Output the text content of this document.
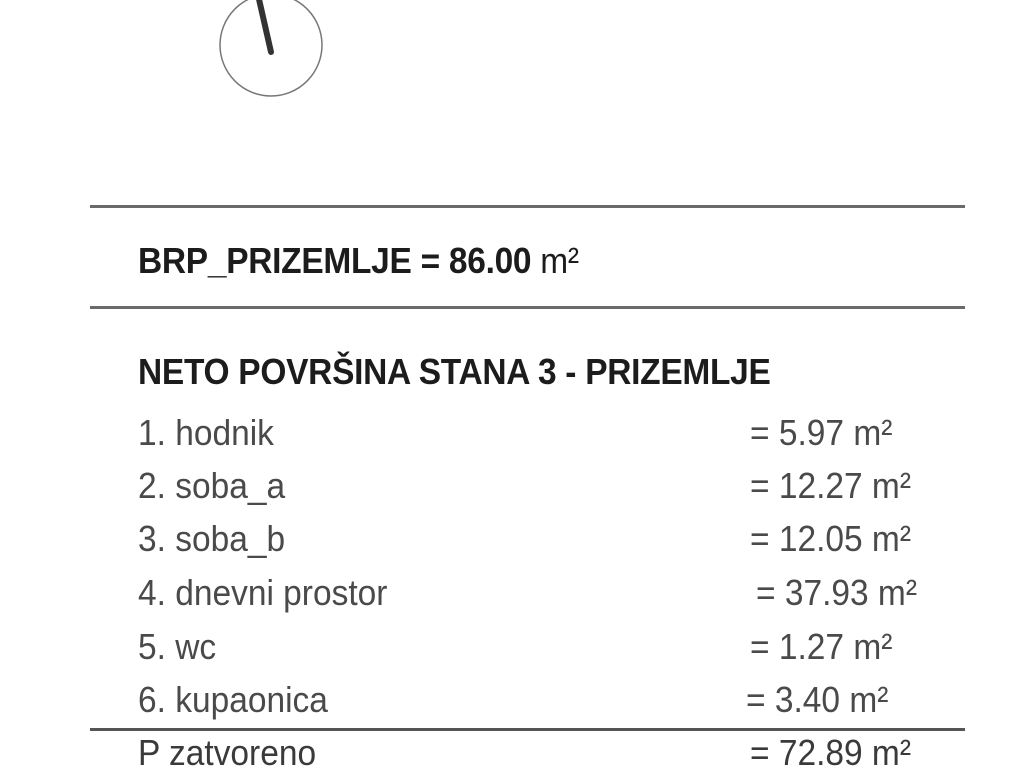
BRP_PRIZEMLJE = 86.00 m²
NETO POVRŠINA STANA 3 - PRIZEMLJE
1. hodnik	= 5.97 m²
2. soba_a	= 12.27 m²
3. soba_b	= 12.05 m²
4. dnevni prostor	= 37.93 m²
5. wc	= 1.27 m²
6. kupaonica	= 3.40 m²
P zatvoreno	= 72.89 m²
